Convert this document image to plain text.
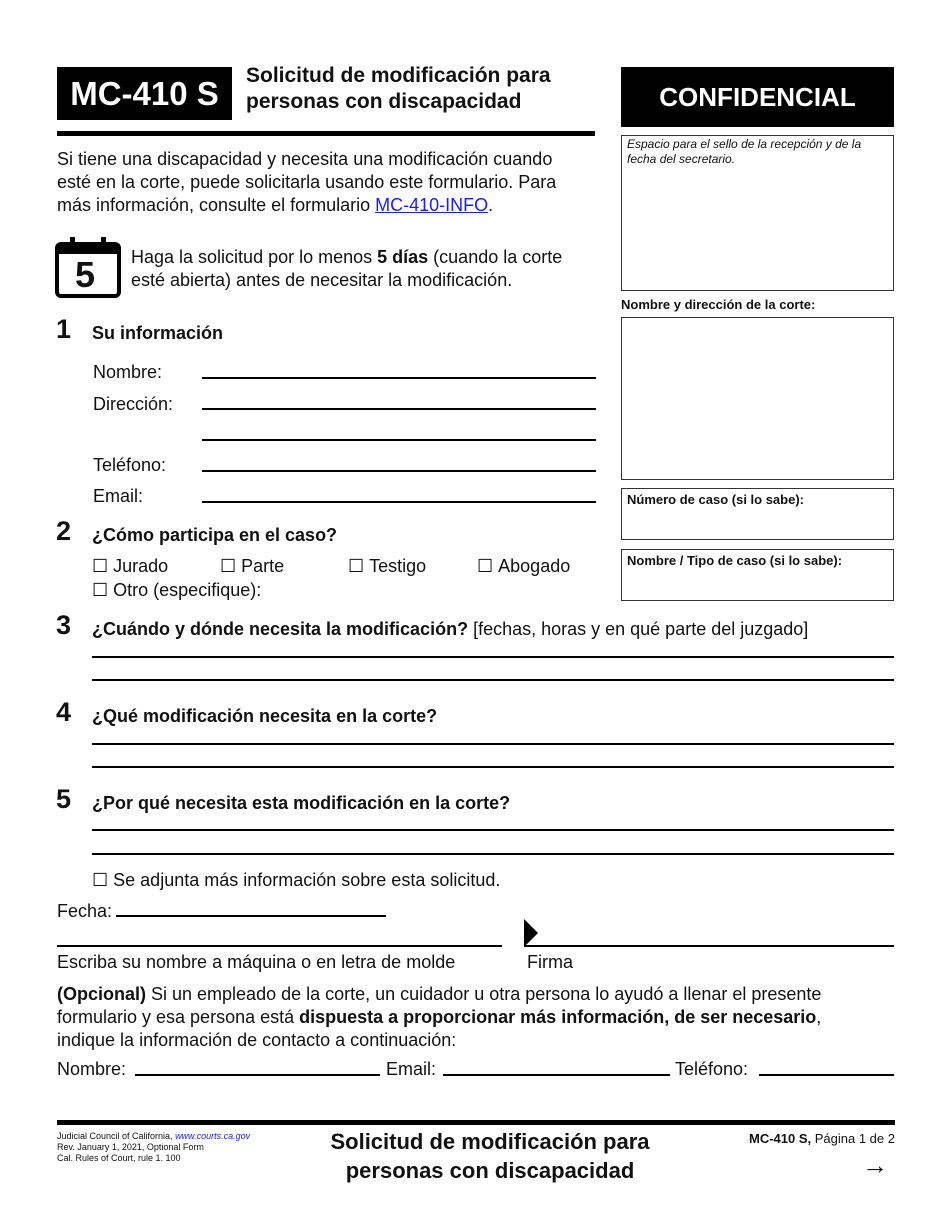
MC-410 S	Solicitud de modificación para
personas con discapacidad	CONFIDENCIAL
Espacio para el sello de la recepción y de la fecha del secretario.
Nombre y dirección de la corte:
Número de caso (si lo sabe):
Nombre / Tipo de caso (si lo sabe):
Si tiene una discapacidad y necesita una modificación cuando
esté en la corte, puede solicitarla usando este formulario. Para
más información, consulte el formulario MC-410-INFO.
5 Haga la solicitud por lo menos 5 días (cuando la corte
esté abierta) antes de necesitar la modificación.
1 Su información
Nombre:
Dirección:
Teléfono:
Email:
2 ¿Cómo participa en el caso?
☐ Jurado	☐ Parte	☐ Testigo	☐ Abogado
☐ Otro (especifique):
3 ¿Cuándo y dónde necesita la modificación? [fechas, horas y en qué parte del juzgado]
4 ¿Qué modificación necesita en la corte?
5 ¿Por qué necesita esta modificación en la corte?
☐ Se adjunta más información sobre esta solicitud.
Fecha:
Escriba su nombre a máquina o en letra de molde	Firma
(Opcional) Si un empleado de la corte, un cuidador u otra persona lo ayudó a llenar el presente
formulario y esa persona está dispuesta a proporcionar más información, de ser necesario,
indique la información de contacto a continuación:
Nombre:	Email:	Teléfono:
Judicial Council of California, www.courts.ca.gov
Rev. January 1, 2021, Optional Form
Cal. Rules of Court, rule 1. 100
Solicitud de modificación para
personas con discapacidad
MC-410 S, Página 1 de 2
→
